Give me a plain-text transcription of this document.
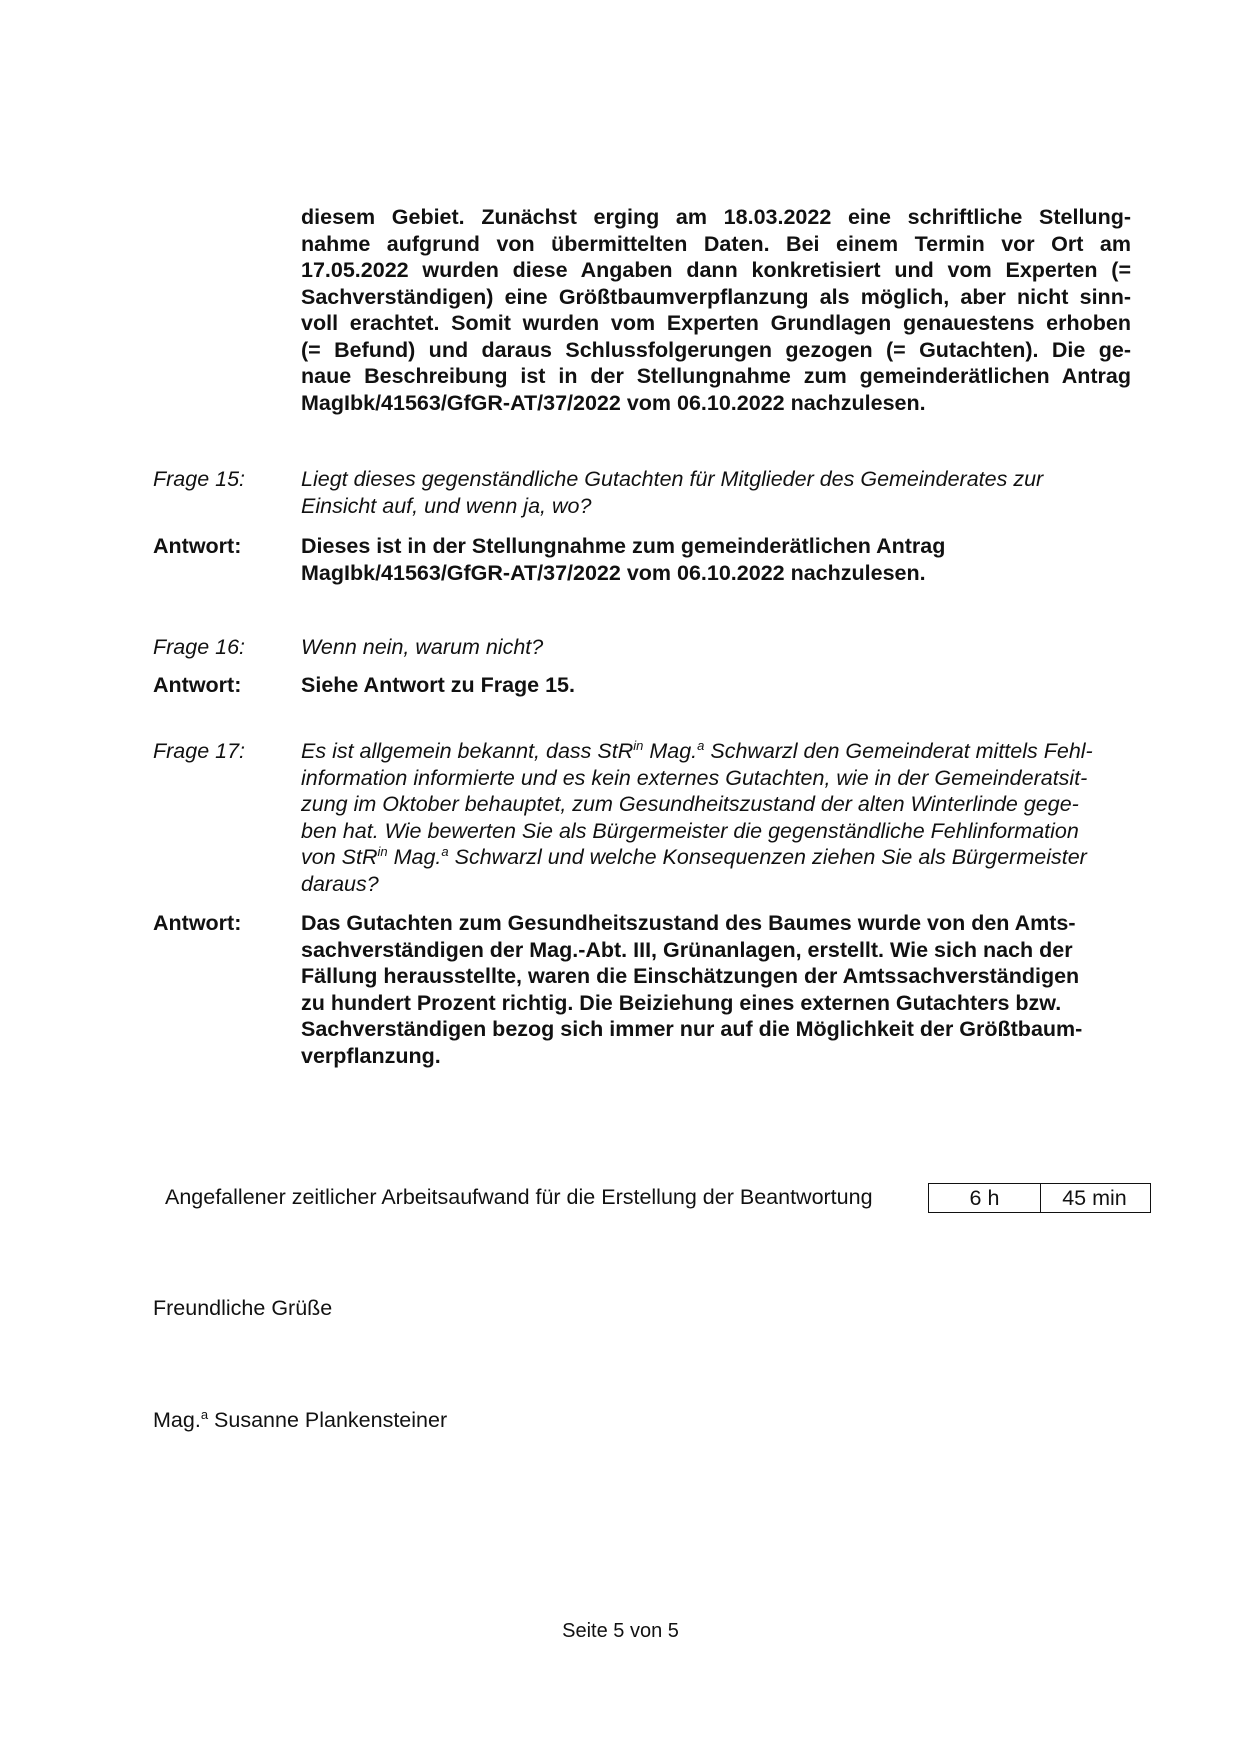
diesem Gebiet. Zunächst erging am 18.03.2022 eine schriftliche Stellung-
nahme aufgrund von übermittelten Daten. Bei einem Termin vor Ort am
17.05.2022 wurden diese Angaben dann konkretisiert und vom Experten (=
Sachverständigen) eine Größtbaumverpflanzung als möglich, aber nicht sinn-
voll erachtet. Somit wurden vom Experten Grundlagen genauestens erhoben
(= Befund) und daraus Schlussfolgerungen gezogen (= Gutachten). Die ge-
naue Beschreibung ist in der Stellungnahme zum gemeinderätlichen Antrag
MagIbk/41563/GfGR-AT/37/2022 vom 06.10.2022 nachzulesen.
Frage 15:	Liegt dieses gegenständliche Gutachten für Mitglieder des Gemeinderates zur
Einsicht auf, und wenn ja, wo?
Antwort:	Dieses ist in der Stellungnahme zum gemeinderätlichen Antrag
MagIbk/41563/GfGR-AT/37/2022 vom 06.10.2022 nachzulesen.
Frage 16:	Wenn nein, warum nicht?
Antwort:	Siehe Antwort zu Frage 15.
Frage 17:	Es ist allgemein bekannt, dass StR$^{in}$ Mag.$^a$ Schwarzl den Gemeinderat mittels Fehl-
information informierte und es kein externes Gutachten, wie in der Gemeinderatsit-
zung im Oktober behauptet, zum Gesundheitszustand der alten Winterlinde gege-
ben hat. Wie bewerten Sie als Bürgermeister die gegenständliche Fehlinformation
von StR$^{in}$ Mag.$^a$ Schwarzl und welche Konsequenzen ziehen Sie als Bürgermeister
daraus?
Antwort:	Das Gutachten zum Gesundheitszustand des Baumes wurde von den Amts-
sachverständigen der Mag.-Abt. III, Grünanlagen, erstellt. Wie sich nach der
Fällung herausstellte, waren die Einschätzungen der Amtssachverständigen
zu hundert Prozent richtig. Die Beiziehung eines externen Gutachters bzw.
Sachverständigen bezog sich immer nur auf die Möglichkeit der Größtbaum-
verpflanzung.
Angefallener zeitlicher Arbeitsaufwand für die Erstellung der Beantwortung	6 h	45 min
Freundliche Grüße
Mag.$^a$ Susanne Plankensteiner
Seite 5 von 5
